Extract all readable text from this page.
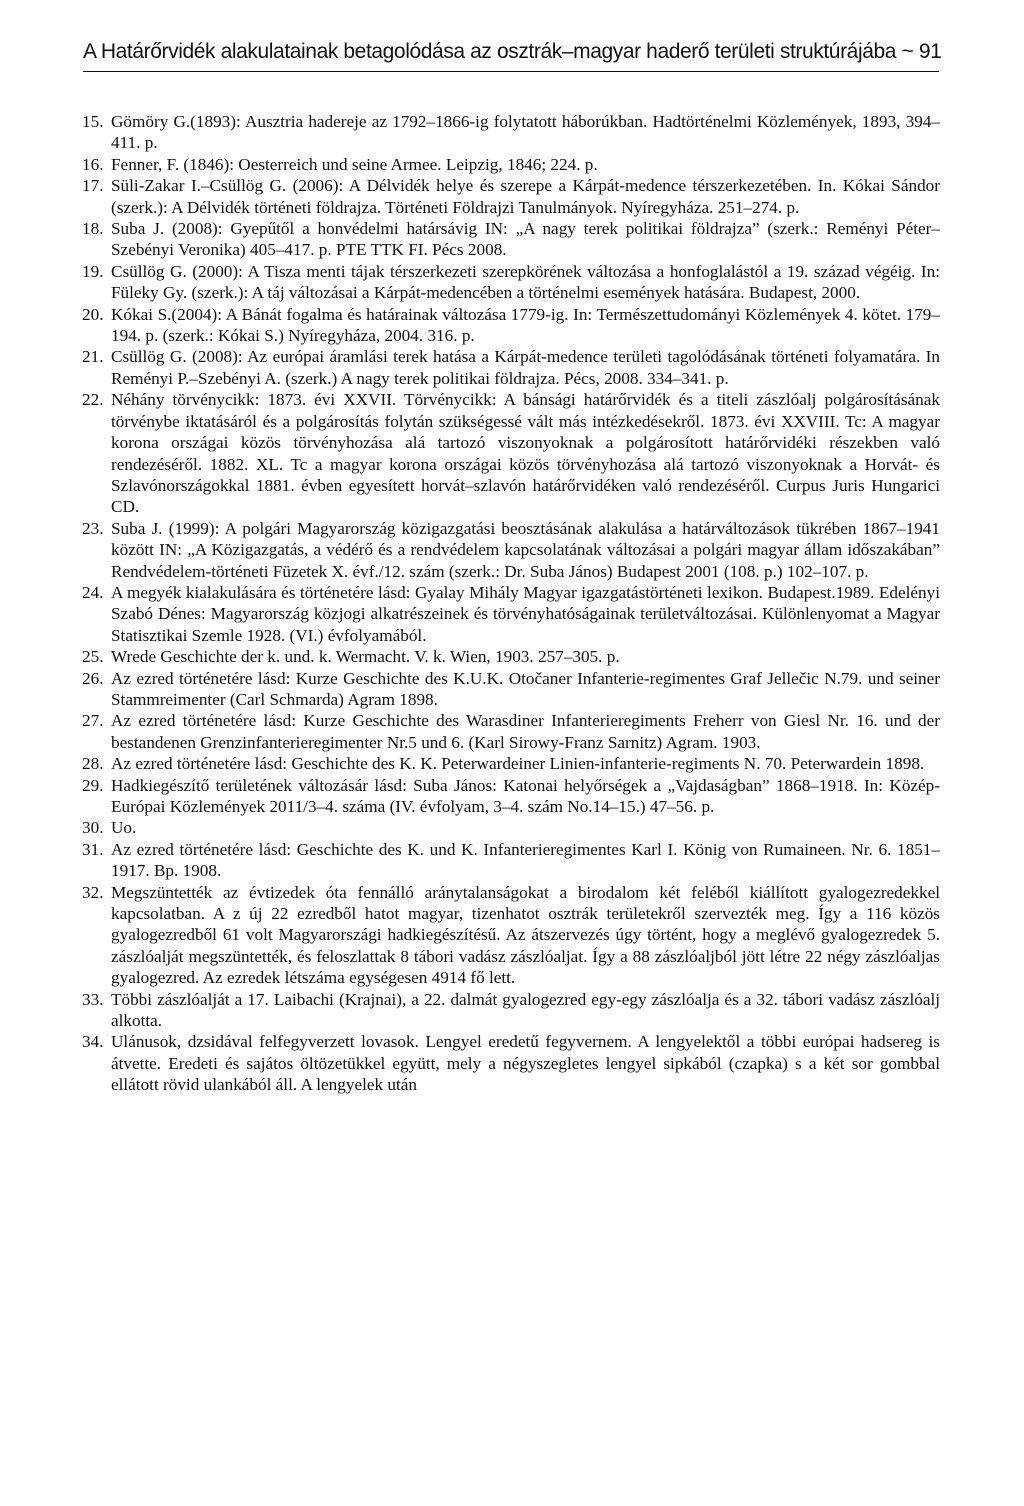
A Határőrvidék alakulatainak betagolódása az osztrák–magyar haderő területi struktúrájába ~ 91
15. Gömöry G.(1893): Ausztria hadereje az 1792–1866-ig folytatott háborúkban. Hadtörténelmi Közlemények, 1893, 394–411. p.
16. Fenner, F. (1846): Oesterreich und seine Armee. Leipzig, 1846; 224. p.
17. Süli-Zakar I.–Csüllög G. (2006): A Délvidék helye és szerepe a Kárpát-medence térszerkezetében. In. Kókai Sándor (szerk.): A Délvidék történeti földrajza. Történeti Földrajzi Tanulmányok. Nyíregyháza. 251–274. p.
18. Suba J. (2008): Gyepűtől a honvédelmi határsávig IN: „A nagy terek politikai földrajza” (szerk.: Reményi Péter–Szebényi Veronika) 405–417. p. PTE TTK FI. Pécs 2008.
19. Csüllög G. (2000): A Tisza menti tájak térszerkezeti szerepkörének változása a honfoglalástól a 19. század végéig. In: Füleky Gy. (szerk.): A táj változásai a Kárpát-medencében a történelmi események hatására. Budapest, 2000.
20. Kókai S.(2004): A Bánát fogalma és határainak változása 1779-ig. In: Természettudományi Közlemények 4. kötet. 179–194. p. (szerk.: Kókai S.) Nyíregyháza, 2004. 316. p.
21. Csüllög G. (2008): Az európai áramlási terek hatása a Kárpát-medence területi tagolódásának történeti folyamatára. In Reményi P.–Szebényi A. (szerk.) A nagy terek politikai földrajza. Pécs, 2008. 334–341. p.
22. Néhány törvénycikk: 1873. évi XXVII. Törvénycikk: A bánsági határőrvidék és a titeli zászlóalj polgárosításának törvénybe iktatásáról és a polgárosítás folytán szükségessé vált más intézkedésekről. 1873. évi XXVIII. Tc: A magyar korona országai közös törvényhozása alá tartozó viszonyoknak a polgárosított határőrvidéki részekben való rendezéséről. 1882. XL. Tc a magyar korona országai közös törvényhozása alá tartozó viszonyoknak a Horvát- és Szlavónországokkal 1881. évben egyesített horvát–szlavón határőrvidéken való rendezéséről. Curpus Juris Hungarici CD.
23. Suba J. (1999): A polgári Magyarország közigazgatási beosztásának alakulása a határváltozások tükrében 1867–1941 között IN: „A Közigazgatás, a védérő és a rendvédelem kapcsolatának változásai a polgári magyar állam időszakában” Rendvédelem-történeti Füzetek X. évf./12. szám (szerk.: Dr. Suba János) Budapest 2001 (108. p.) 102–107. p.
24. A megyék kialakulására és történetére lásd: Gyalay Mihály Magyar igazgatástörténeti lexikon. Budapest.1989. Edelényi Szabó Dénes: Magyarország közjogi alkatrészeinek és törvényhatóságainak területváltozásai. Különlenyomat a Magyar Statisztikai Szemle 1928. (VI.) évfolyamából.
25. Wrede Geschichte der k. und. k. Wermacht. V. k. Wien, 1903. 257–305. p.
26. Az ezred történetére lásd: Kurze Geschichte des K.U.K. Otočaner Infanterie-regimentes Graf Jellečic N.79. und seiner Stammreimenter (Carl Schmarda) Agram 1898.
27. Az ezred történetére lásd: Kurze Geschichte des Warasdiner Infanterieregiments Freherr von Giesl Nr. 16. und der bestandenen Grenzinfanterieregimenter Nr.5 und 6. (Karl Sirowy-Franz Sarnitz) Agram. 1903.
28. Az ezred történetére lásd: Geschichte des K. K. Peterwardeiner Linien-infanterie-regiments N. 70. Peterwardein 1898.
29. Hadkiegészítő területének változásár lásd: Suba János: Katonai helyőrségek a „Vajdaságban” 1868–1918. In: Közép-Európai Közlemények 2011/3–4. száma (IV. évfolyam, 3–4. szám No.14–15.) 47–56. p.
30. Uo.
31. Az ezred történetére lásd: Geschichte des K. und K. Infanterieregimentes Karl I. König von Rumaineen. Nr. 6. 1851–1917. Bp. 1908.
32. Megszüntették az évtizedek óta fennálló aránytalanságokat a birodalom két feléből kiállított gyalogezredekkel kapcsolatban. A z új 22 ezredből hatot magyar, tizenhatot osztrák területekről szervezték meg. Így a 116 közös gyalogezredből 61 volt Magyarországi hadkiegészítésű. Az átszervezés úgy történt, hogy a meglévő gyalogezredek 5. zászlóalját megszüntették, és feloszlattak 8 tábori vadász zászlóaljat. Így a 88 zászlóaljból jött létre 22 négy zászlóaljas gyalogezred. Az ezredek létszáma egységesen 4914 fő lett.
33. Többi zászlóalját a 17. Laibachi (Krajnai), a 22. dalmát gyalogezred egy-egy zászlóalja és a 32. tábori vadász zászlóalj alkotta.
34. Ulánusok, dzsidával felfegyverzett lovasok. Lengyel eredetű fegyvernem. A lengyelektől a többi európai hadsereg is átvette. Eredeti és sajátos öltözetükkel együtt, mely a négyszegletes lengyel sipkából (czapka) s a két sor gombbal ellátott rövid ulankából áll. A lengyelek után
